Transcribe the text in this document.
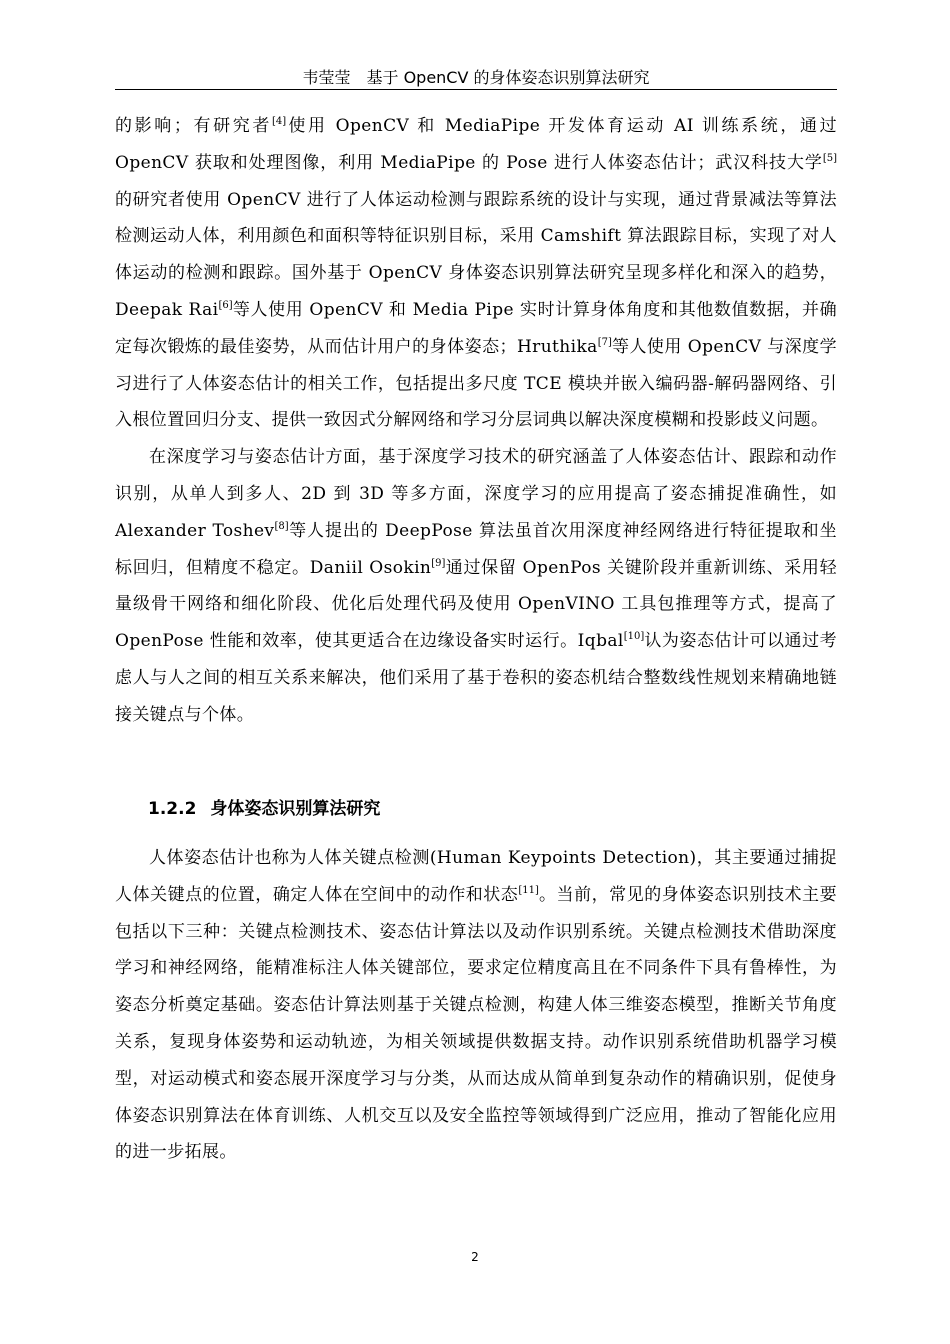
韦莹莹　基于 OpenCV 的身体姿态识别算法研究

的影响；有研究者[4]使用 OpenCV 和 MediaPipe 开发体育运动 AI 训练系统，通过 OpenCV 获取和处理图像，利用 MediaPipe 的 Pose 进行人体姿态估计；武汉科技大学[5]的研究者使用 OpenCV 进行了人体运动检测与跟踪系统的设计与实现，通过背景减法等算法检测运动人体，利用颜色和面积等特征识别目标，采用 Camshift 算法跟踪目标，实现了对人体运动的检测和跟踪。国外基于 OpenCV 身体姿态识别算法研究呈现多样化和深入的趋势，Deepak Rai[6]等人使用 OpenCV 和 Media Pipe 实时计算身体角度和其他数值数据，并确定每次锻炼的最佳姿势，从而估计用户的身体姿态；Hruthika[7]等人使用 OpenCV 与深度学习进行了人体姿态估计的相关工作，包括提出多尺度 TCE 模块并嵌入编码器-解码器网络、引入根位置回归分支、提供一致因式分解网络和学习分层词典以解决深度模糊和投影歧义问题。

在深度学习与姿态估计方面，基于深度学习技术的研究涵盖了人体姿态估计、跟踪和动作识别，从单人到多人、2D 到 3D 等多方面，深度学习的应用提高了姿态捕捉准确性，如 Alexander Toshev[8]等人提出的 DeepPose 算法虽首次用深度神经网络进行特征提取和坐标回归，但精度不稳定。Daniil Osokin[9]通过保留 OpenPos 关键阶段并重新训练、采用轻量级骨干网络和细化阶段、优化后处理代码及使用 OpenVINO 工具包推理等方式，提高了 OpenPose 性能和效率，使其更适合在边缘设备实时运行。Iqbal[10]认为姿态估计可以通过考虑人与人之间的相互关系来解决，他们采用了基于卷积的姿态机结合整数线性规划来精确地链接关键点与个体。

1.2.2 身体姿态识别算法研究

人体姿态估计也称为人体关键点检测(Human Keypoints Detection)，其主要通过捕捉人体关键点的位置，确定人体在空间中的动作和状态[11]。当前，常见的身体姿态识别技术主要包括以下三种：关键点检测技术、姿态估计算法以及动作识别系统。关键点检测技术借助深度学习和神经网络，能精准标注人体关键部位，要求定位精度高且在不同条件下具有鲁棒性，为姿态分析奠定基础。姿态估计算法则基于关键点检测，构建人体三维姿态模型，推断关节角度关系，复现身体姿势和运动轨迹，为相关领域提供数据支持。动作识别系统借助机器学习模型，对运动模式和姿态展开深度学习与分类，从而达成从简单到复杂动作的精确识别，促使身体姿态识别算法在体育训练、人机交互以及安全监控等领域得到广泛应用，推动了智能化应用的进一步拓展。

2
